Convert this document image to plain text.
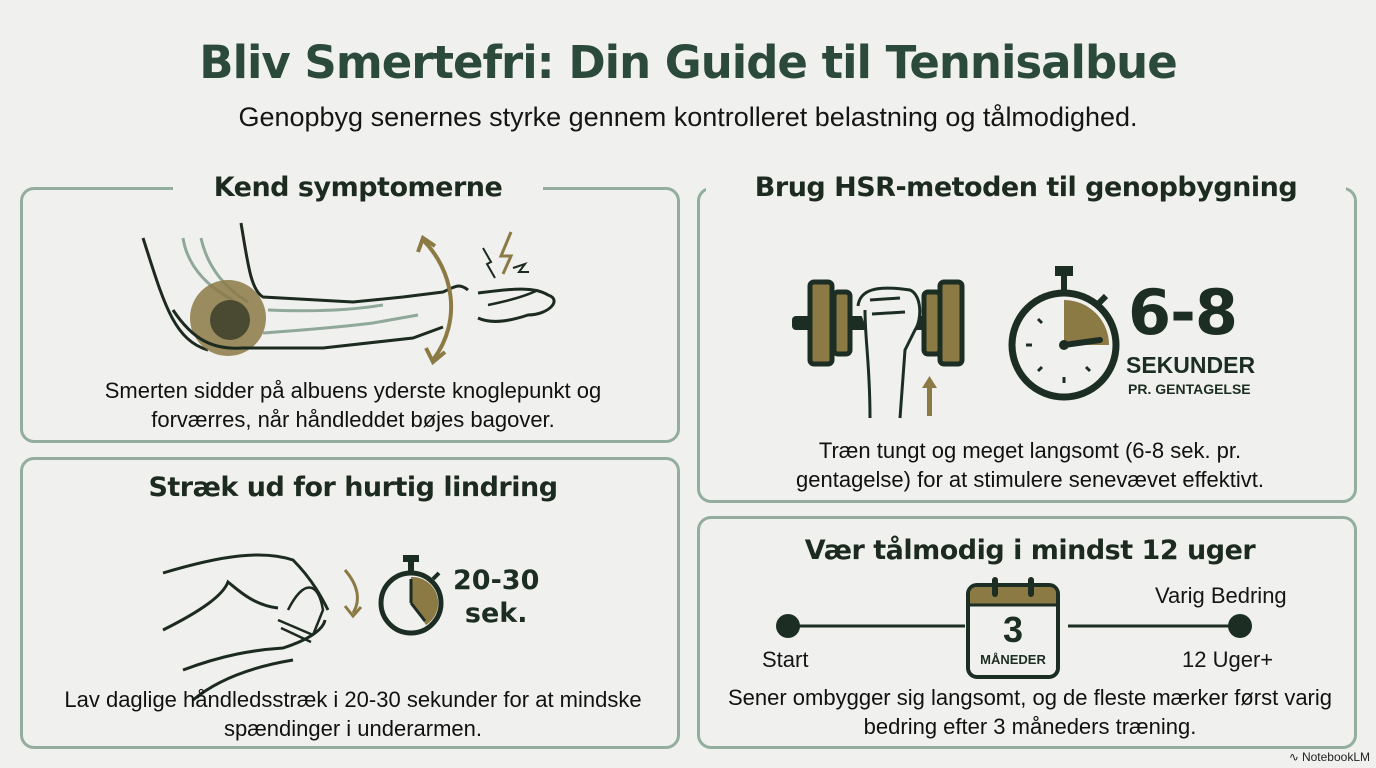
Bliv Smertefri: Din Guide til Tennisalbue
Genopbyg senernes styrke gennem kontrolleret belastning og tålmodighed.
Kend symptomerne
Smerten sidder på albuens yderste knoglepunkt og forværres, når håndleddet bøjes bagover.
Brug HSR-metoden til genopbygning
6-8
SEKUNDER
PR. GENTAGELSE
Træn tungt og meget langsomt (6-8 sek. pr. gentagelse) for at stimulere senevævet effektivt.
Stræk ud for hurtig lindring
20-30
sek.
Lav daglige håndledsstræk i 20-30 sekunder for at mindske spændinger i underarmen.
Vær tålmodig i mindst 12 uger
3
MÅNEDER
Start
Varig Bedring
12 Uger+
Sener ombygger sig langsomt, og de fleste mærker først varig bedring efter 3 måneders træning.
∿ NotebookLM
